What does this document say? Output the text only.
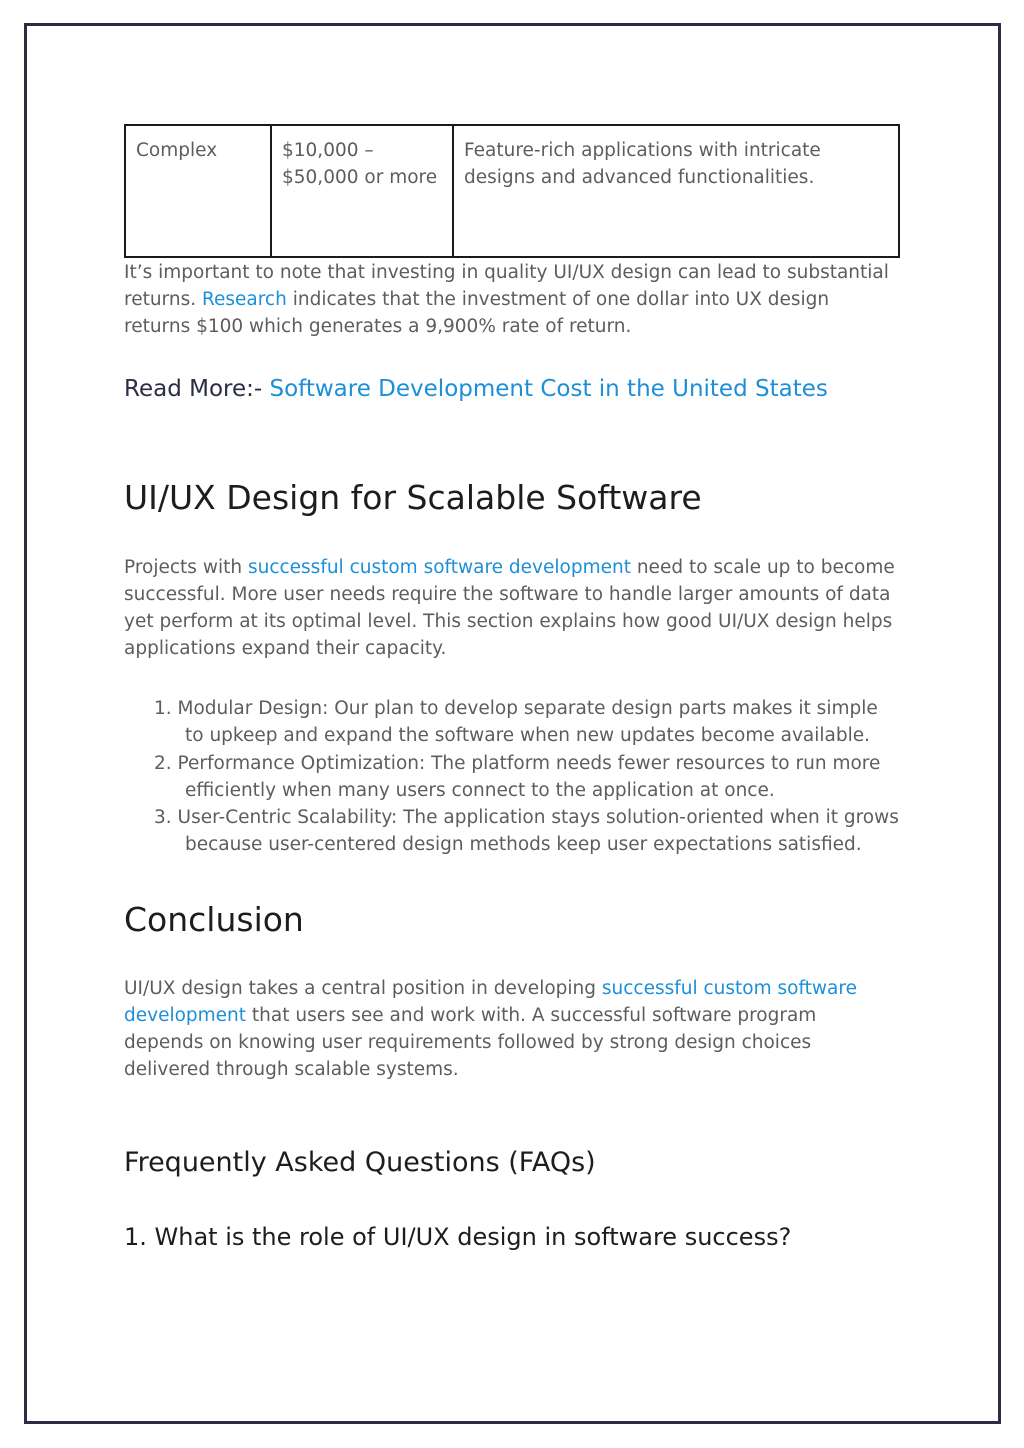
Complex	$10,000 – $50,000 or more	Feature-rich applications with intricate designs and advanced functionalities.

It’s important to note that investing in quality UI/UX design can lead to substantial returns. Research indicates that the investment of one dollar into UX design returns $100 which generates a 9,900% rate of return.

Read More:- Software Development Cost in the United States

UI/UX Design for Scalable Software

Projects with successful custom software development need to scale up to become successful. More user needs require the software to handle larger amounts of data yet perform at its optimal level. This section explains how good UI/UX design helps applications expand their capacity.

1. Modular Design: Our plan to develop separate design parts makes it simple to upkeep and expand the software when new updates become available.
2. Performance Optimization: The platform needs fewer resources to run more efficiently when many users connect to the application at once.
3. User-Centric Scalability: The application stays solution-oriented when it grows because user-centered design methods keep user expectations satisfied.
Conclusion

UI/UX design takes a central position in developing successful custom software development that users see and work with. A successful software program depends on knowing user requirements followed by strong design choices delivered through scalable systems.

Frequently Asked Questions (FAQs)
1. What is the role of UI/UX design in software success?
